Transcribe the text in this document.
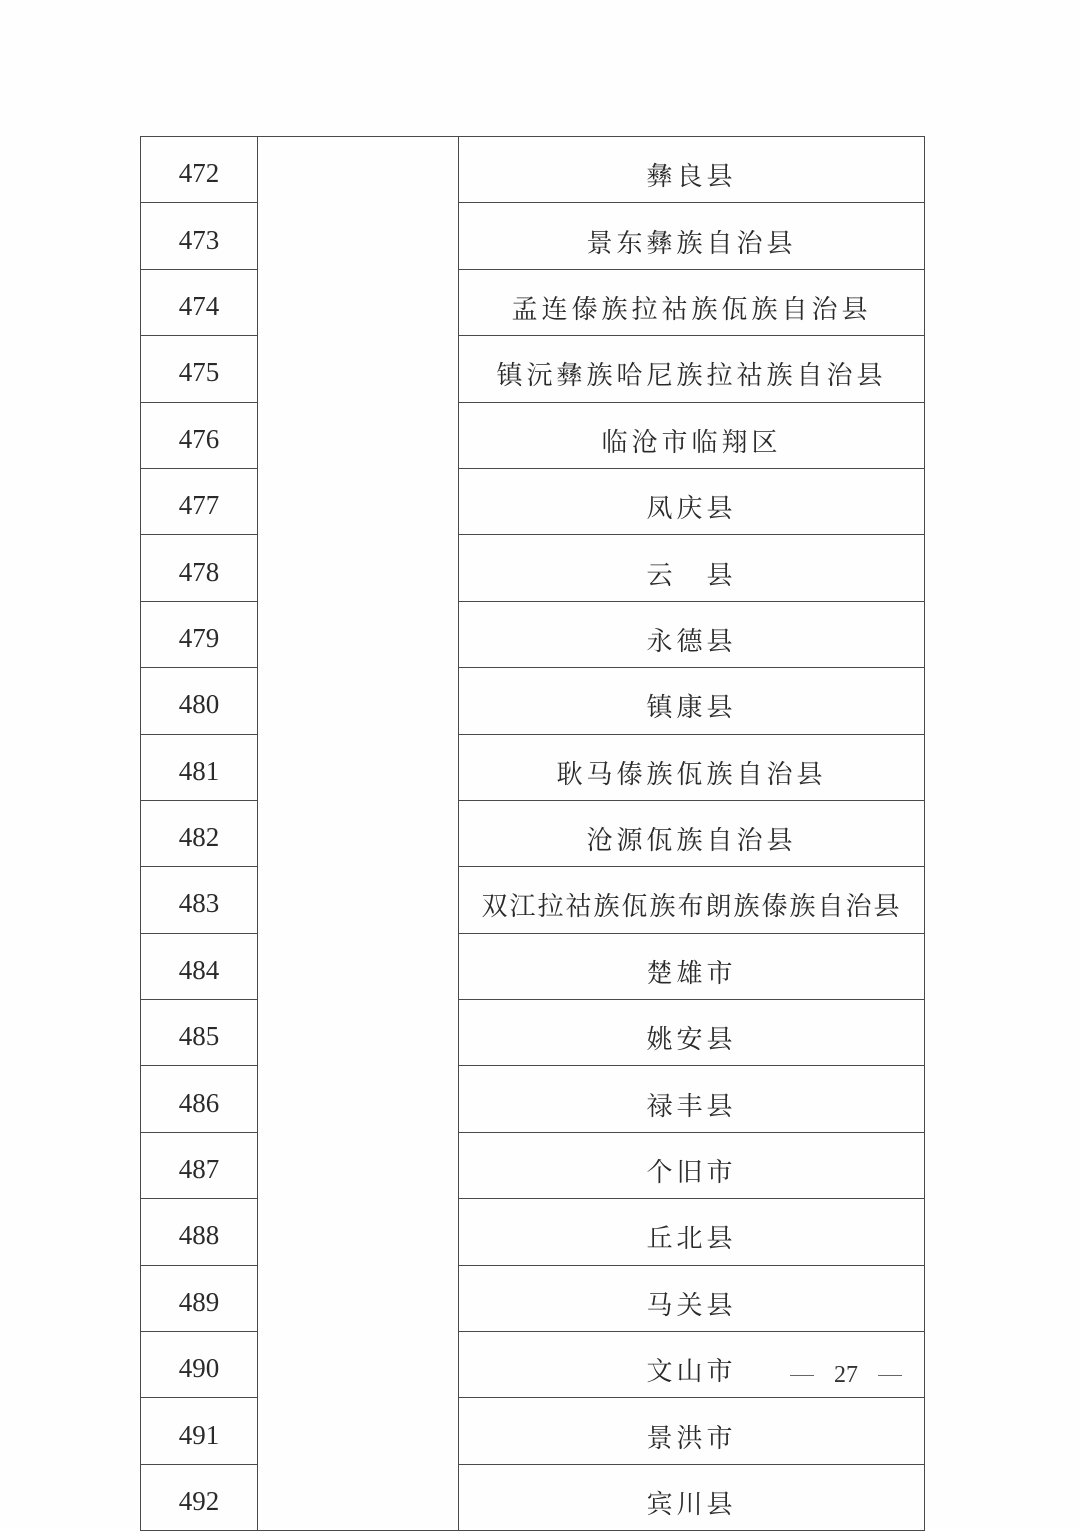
472		彝良县
473		景东彝族自治县
474		孟连傣族拉祜族佤族自治县
475		镇沅彝族哈尼族拉祜族自治县
476		临沧市临翔区
477		凤庆县
478		云　县
479		永德县
480		镇康县
481		耿马傣族佤族自治县
482		沧源佤族自治县
483		双江拉祜族佤族布朗族傣族自治县
484		楚雄市
485		姚安县
486		禄丰县
487		个旧市
488		丘北县
489		马关县
490		文山市
491		景洪市
492		宾川县
27
